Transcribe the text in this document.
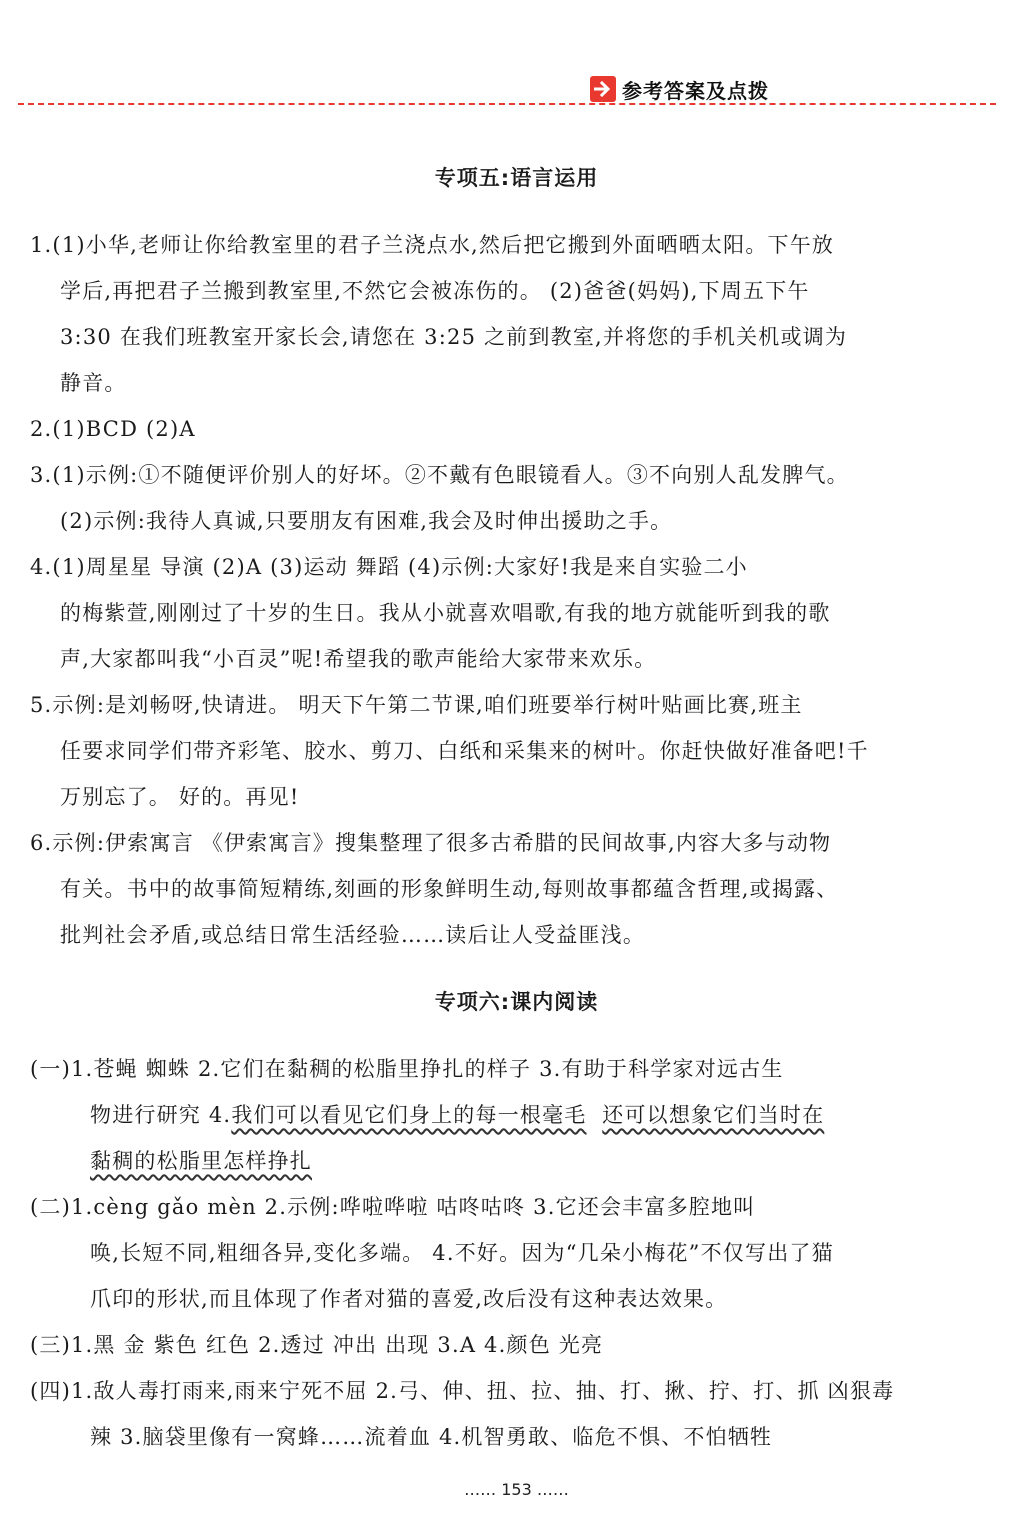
参考答案及点拨
专项五:语言运用
1.(1)小华,老师让你给教室里的君子兰浇点水,然后把它搬到外面晒晒太阳。下午放
学后,再把君子兰搬到教室里,不然它会被冻伤的。 (2)爸爸(妈妈),下周五下午
3:30 在我们班教室开家长会,请您在 3:25 之前到教室,并将您的手机关机或调为
静音。
2.(1)BCD (2)A
3.(1)示例:①不随便评价别人的好坏。②不戴有色眼镜看人。③不向别人乱发脾气。
(2)示例:我待人真诚,只要朋友有困难,我会及时伸出援助之手。
4.(1)周星星 导演 (2)A (3)运动 舞蹈 (4)示例:大家好!我是来自实验二小
的梅紫萱,刚刚过了十岁的生日。我从小就喜欢唱歌,有我的地方就能听到我的歌
声,大家都叫我“小百灵”呢!希望我的歌声能给大家带来欢乐。
5.示例:是刘畅呀,快请进。 明天下午第二节课,咱们班要举行树叶贴画比赛,班主
任要求同学们带齐彩笔、胶水、剪刀、白纸和采集来的树叶。你赶快做好准备吧!千
万别忘了。 好的。再见!
6.示例:伊索寓言 《伊索寓言》搜集整理了很多古希腊的民间故事,内容大多与动物
有关。书中的故事简短精练,刻画的形象鲜明生动,每则故事都蕴含哲理,或揭露、
批判社会矛盾,或总结日常生活经验……读后让人受益匪浅。
专项六:课内阅读
(一)1.苍蝇 蜘蛛 2.它们在黏稠的松脂里挣扎的样子 3.有助于科学家对远古生
物进行研究 4.我们可以看见它们身上的每一根毫毛 还可以想象它们当时在
黏稠的松脂里怎样挣扎
(二)1.cèng gǎo mèn 2.示例:哗啦哗啦 咕咚咕咚 3.它还会丰富多腔地叫
唤,长短不同,粗细各异,变化多端。 4.不好。因为“几朵小梅花”不仅写出了猫
爪印的形状,而且体现了作者对猫的喜爱,改后没有这种表达效果。
(三)1.黑 金 紫色 红色 2.透过 冲出 出现 3.A 4.颜色 光亮
(四)1.敌人毒打雨来,雨来宁死不屈 2.弓、伸、扭、拉、抽、打、揪、拧、打、抓 凶狠毒
辣 3.脑袋里像有一窝蜂……流着血 4.机智勇敢、临危不惧、不怕牺牲
…… 153 ……
